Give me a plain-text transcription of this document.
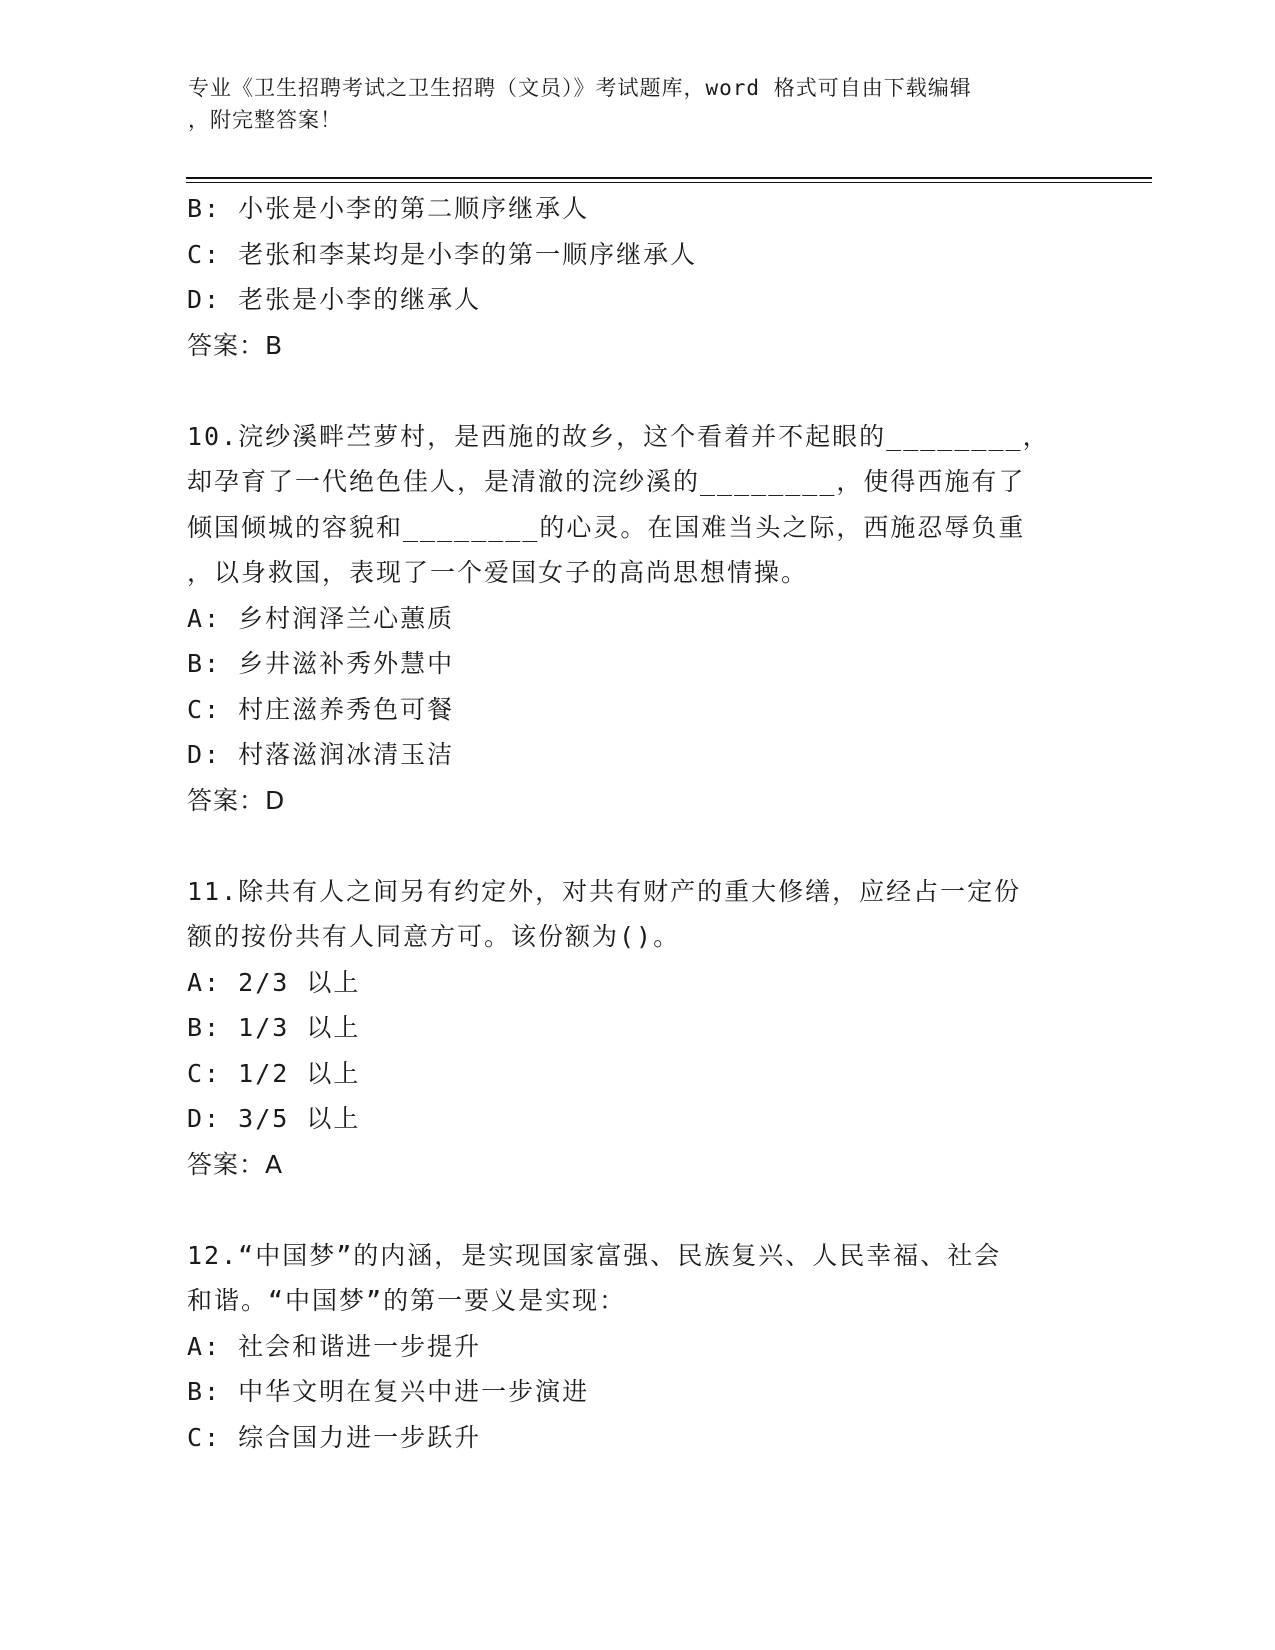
专业《卫生招聘考试之卫生招聘（文员）》考试题库，word 格式可自由下载编辑
，附完整答案！
B: 小张是小李的第二顺序继承人
C: 老张和李某均是小李的第一顺序继承人
D: 老张是小李的继承人
答案：B
10.浣纱溪畔苎萝村，是西施的故乡，这个看着并不起眼的________，
却孕育了一代绝色佳人，是清澈的浣纱溪的________，使得西施有了
倾国倾城的容貌和________的心灵。在国难当头之际，西施忍辱负重
，以身救国，表现了一个爱国女子的高尚思想情操。
A: 乡村润泽兰心蕙质
B: 乡井滋补秀外慧中
C: 村庄滋养秀色可餐
D: 村落滋润冰清玉洁
答案：D
11.除共有人之间另有约定外，对共有财产的重大修缮，应经占一定份
额的按份共有人同意方可。该份额为()。
A: 2/3 以上
B: 1/3 以上
C: 1/2 以上
D: 3/5 以上
答案：A
12.“中国梦”的内涵，是实现国家富强、民族复兴、人民幸福、社会
和谐。“中国梦”的第一要义是实现：
A: 社会和谐进一步提升
B: 中华文明在复兴中进一步演进
C: 综合国力进一步跃升
